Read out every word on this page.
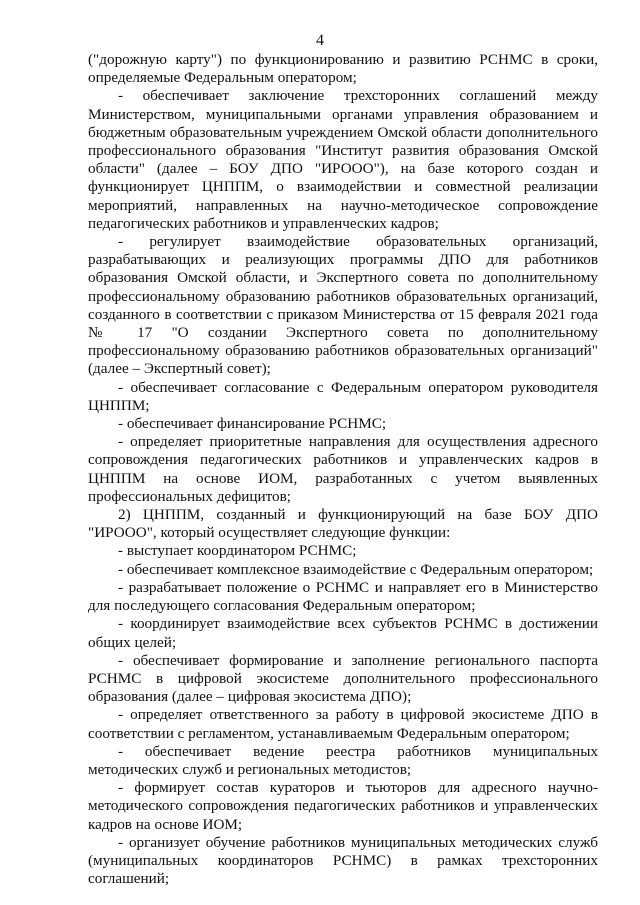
4

("дорожную карту") по функционированию и развитию РСНМС в сроки, определяемые Федеральным оператором;

- обеспечивает заключение трехсторонних соглашений между Министерством, муниципальными органами управления образованием и бюджетным образовательным учреждением Омской области дополнительного профессионального образования "Институт развития образования Омской области" (далее – БОУ ДПО "ИРООО"), на базе которого создан и функционирует ЦНППМ, о взаимодействии и совместной реализации мероприятий, направленных на научно-методическое сопровождение педагогических работников и управленческих кадров;

- регулирует взаимодействие образовательных организаций, разрабатывающих и реализующих программы ДПО для работников образования Омской области, и Экспертного совета по дополнительному профессиональному образованию работников образовательных организаций, созданного в соответствии с приказом Министерства от 15 февраля 2021 года № 17 "О создании Экспертного совета по дополнительному профессиональному образованию работников образовательных организаций" (далее – Экспертный совет);

- обеспечивает согласование с Федеральным оператором руководителя ЦНППМ;

- обеспечивает финансирование РСНМС;

- определяет приоритетные направления для осуществления адресного сопровождения педагогических работников и управленческих кадров в ЦНППМ на основе ИОМ, разработанных с учетом выявленных профессиональных дефицитов;

2) ЦНППМ, созданный и функционирующий на базе БОУ ДПО "ИРООО", который осуществляет следующие функции:

- выступает координатором РСНМС;

- обеспечивает комплексное взаимодействие с Федеральным оператором;

- разрабатывает положение о РСНМС и направляет его в Министерство для последующего согласования Федеральным оператором;

- координирует взаимодействие всех субъектов РСНМС в достижении общих целей;

- обеспечивает формирование и заполнение регионального паспорта РСНМС в цифровой экосистеме дополнительного профессионального образования (далее – цифровая экосистема ДПО);

- определяет ответственного за работу в цифровой экосистеме ДПО в соответствии с регламентом, устанавливаемым Федеральным оператором;

- обеспечивает ведение реестра работников муниципальных методических служб и региональных методистов;

- формирует состав кураторов и тьюторов для адресного научно-методического сопровождения педагогических работников и управленческих кадров на основе ИОМ;

- организует обучение работников муниципальных методических служб (муниципальных координаторов РСНМС) в рамках трехсторонних соглашений;
